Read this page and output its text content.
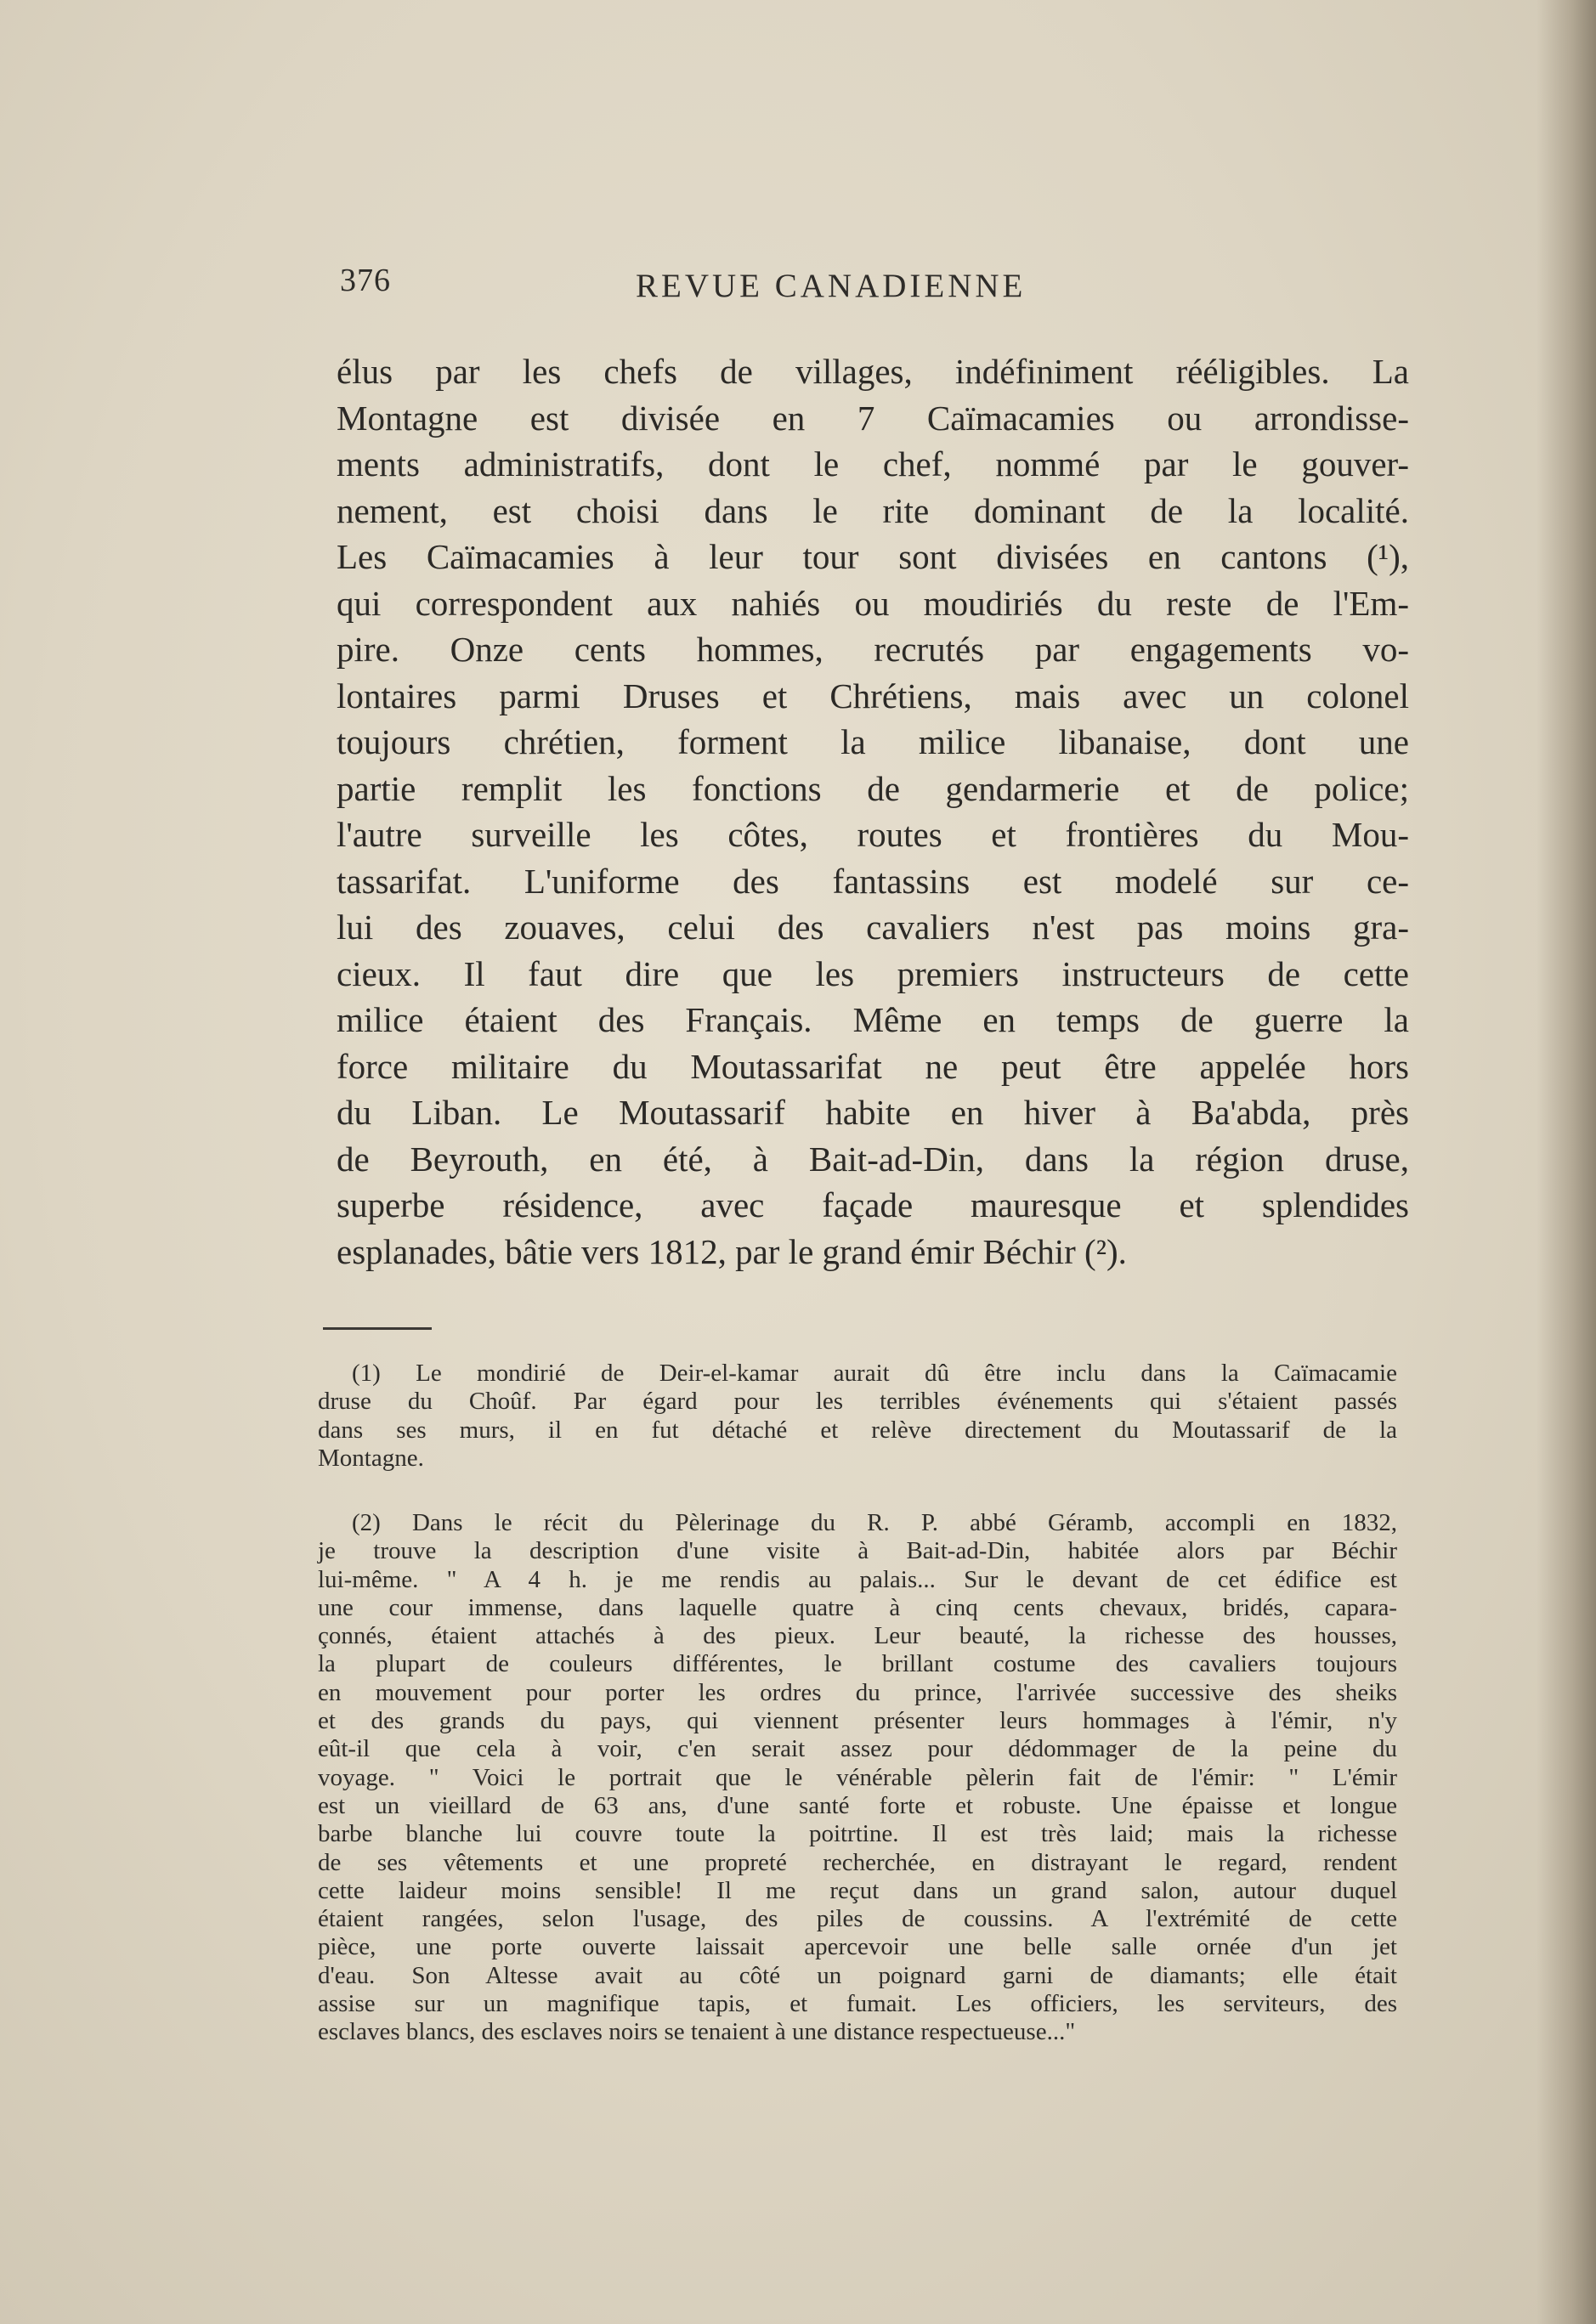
376	REVUE CANADIENNE
élus par les chefs de villages, indéfiniment rééligibles. La
Montagne est divisée en 7 Caïmacamies ou arrondisse-
ments administratifs, dont le chef, nommé par le gouver-
nement, est choisi dans le rite dominant de la localité.
Les Caïmacamies à leur tour sont divisées en cantons (¹),
qui correspondent aux nahiés ou moudiriés du reste de l'Em-
pire. Onze cents hommes, recrutés par engagements vo-
lontaires parmi Druses et Chrétiens, mais avec un colonel
toujours chrétien, forment la milice libanaise, dont une
partie remplit les fonctions de gendarmerie et de police;
l'autre surveille les côtes, routes et frontières du Mou-
tassarifat. L'uniforme des fantassins est modelé sur ce-
lui des zouaves, celui des cavaliers n'est pas moins gra-
cieux. Il faut dire que les premiers instructeurs de cette
milice étaient des Français. Même en temps de guerre la
force militaire du Moutassarifat ne peut être appelée hors
du Liban. Le Moutassarif habite en hiver à Ba'abda, près
de Beyrouth, en été, à Bait-ad-Din, dans la région druse,
superbe résidence, avec façade mauresque et splendides
esplanades, bâtie vers 1812, par le grand émir Béchir (²).
(1) Le mondirié de Deir-el-kamar aurait dû être inclu dans la Caïmacamie
druse du Choûf. Par égard pour les terribles événements qui s'étaient passés
dans ses murs, il en fut détaché et relève directement du Moutassarif de la
Montagne.
(2) Dans le récit du Pèlerinage du R. P. abbé Géramb, accompli en 1832,
je trouve la description d'une visite à Bait-ad-Din, habitée alors par Béchir
lui-même. " A 4 h. je me rendis au palais... Sur le devant de cet édifice est
une cour immense, dans laquelle quatre à cinq cents chevaux, bridés, capara-
çonnés, étaient attachés à des pieux. Leur beauté, la richesse des housses,
la plupart de couleurs différentes, le brillant costume des cavaliers toujours
en mouvement pour porter les ordres du prince, l'arrivée successive des sheiks
et des grands du pays, qui viennent présenter leurs hommages à l'émir, n'y
eût-il que cela à voir, c'en serait assez pour dédommager de la peine du
voyage. " Voici le portrait que le vénérable pèlerin fait de l'émir: " L'émir
est un vieillard de 63 ans, d'une santé forte et robuste. Une épaisse et longue
barbe blanche lui couvre toute la poitrtine. Il est très laid; mais la richesse
de ses vêtements et une propreté recherchée, en distrayant le regard, rendent
cette laideur moins sensible! Il me reçut dans un grand salon, autour duquel
étaient rangées, selon l'usage, des piles de coussins. A l'extrémité de cette
pièce, une porte ouverte laissait apercevoir une belle salle ornée d'un jet
d'eau. Son Altesse avait au côté un poignard garni de diamants; elle était
assise sur un magnifique tapis, et fumait. Les officiers, les serviteurs, des
esclaves blancs, des esclaves noirs se tenaient à une distance respectueuse..."
